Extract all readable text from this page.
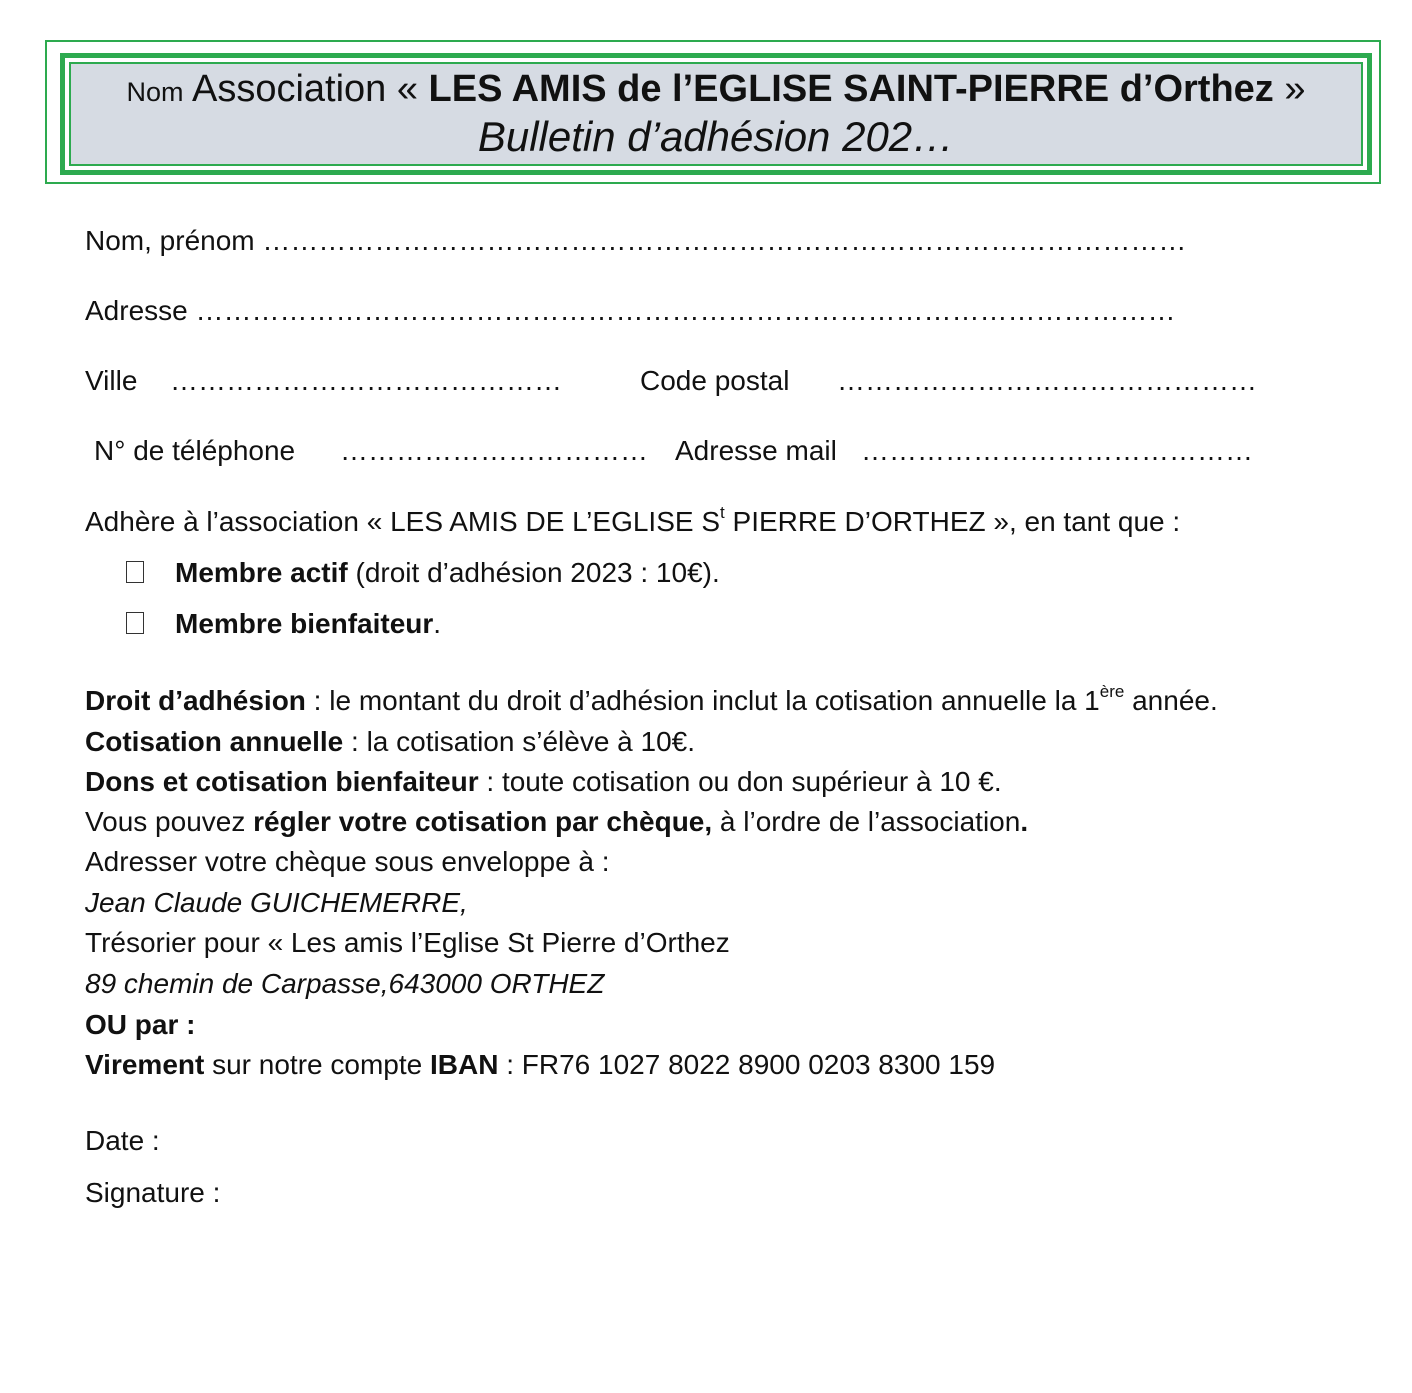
Nom Association « LES AMIS de l’EGLISE SAINT-PIERRE d’Orthez »
Bulletin d’adhésion 202…
Nom, prénom ………………………………………………………………………………………
Adresse ……………………………………………………………………………………………
Ville ……………………………………	Code postal ………………………………………
N° de téléphone …………………………… Adresse mail ……………………………………
Adhère à l’association « LES AMIS DE L’EGLISE $S^t$ PIERRE D’ORTHEZ », en tant que :
Membre actif (droit d’adhésion 2023 : 10€).
Membre bienfaiteur.
Droit d’adhésion : le montant du droit d’adhésion inclut la cotisation annuelle la 1ère année.
Cotisation annuelle : la cotisation s’élève à 10€.
Dons et cotisation bienfaiteur : toute cotisation ou don supérieur à 10 €.
Vous pouvez régler votre cotisation par chèque, à l’ordre de l’association.
Adresser votre chèque sous enveloppe à :
Jean Claude GUICHEMERRE,
Trésorier pour « Les amis l’Eglise St Pierre d’Orthez
89 chemin de Carpasse,643000 ORTHEZ
OU par :
Virement sur notre compte IBAN : FR76 1027 8022 8900 0203 8300 159
Date :
Signature :
